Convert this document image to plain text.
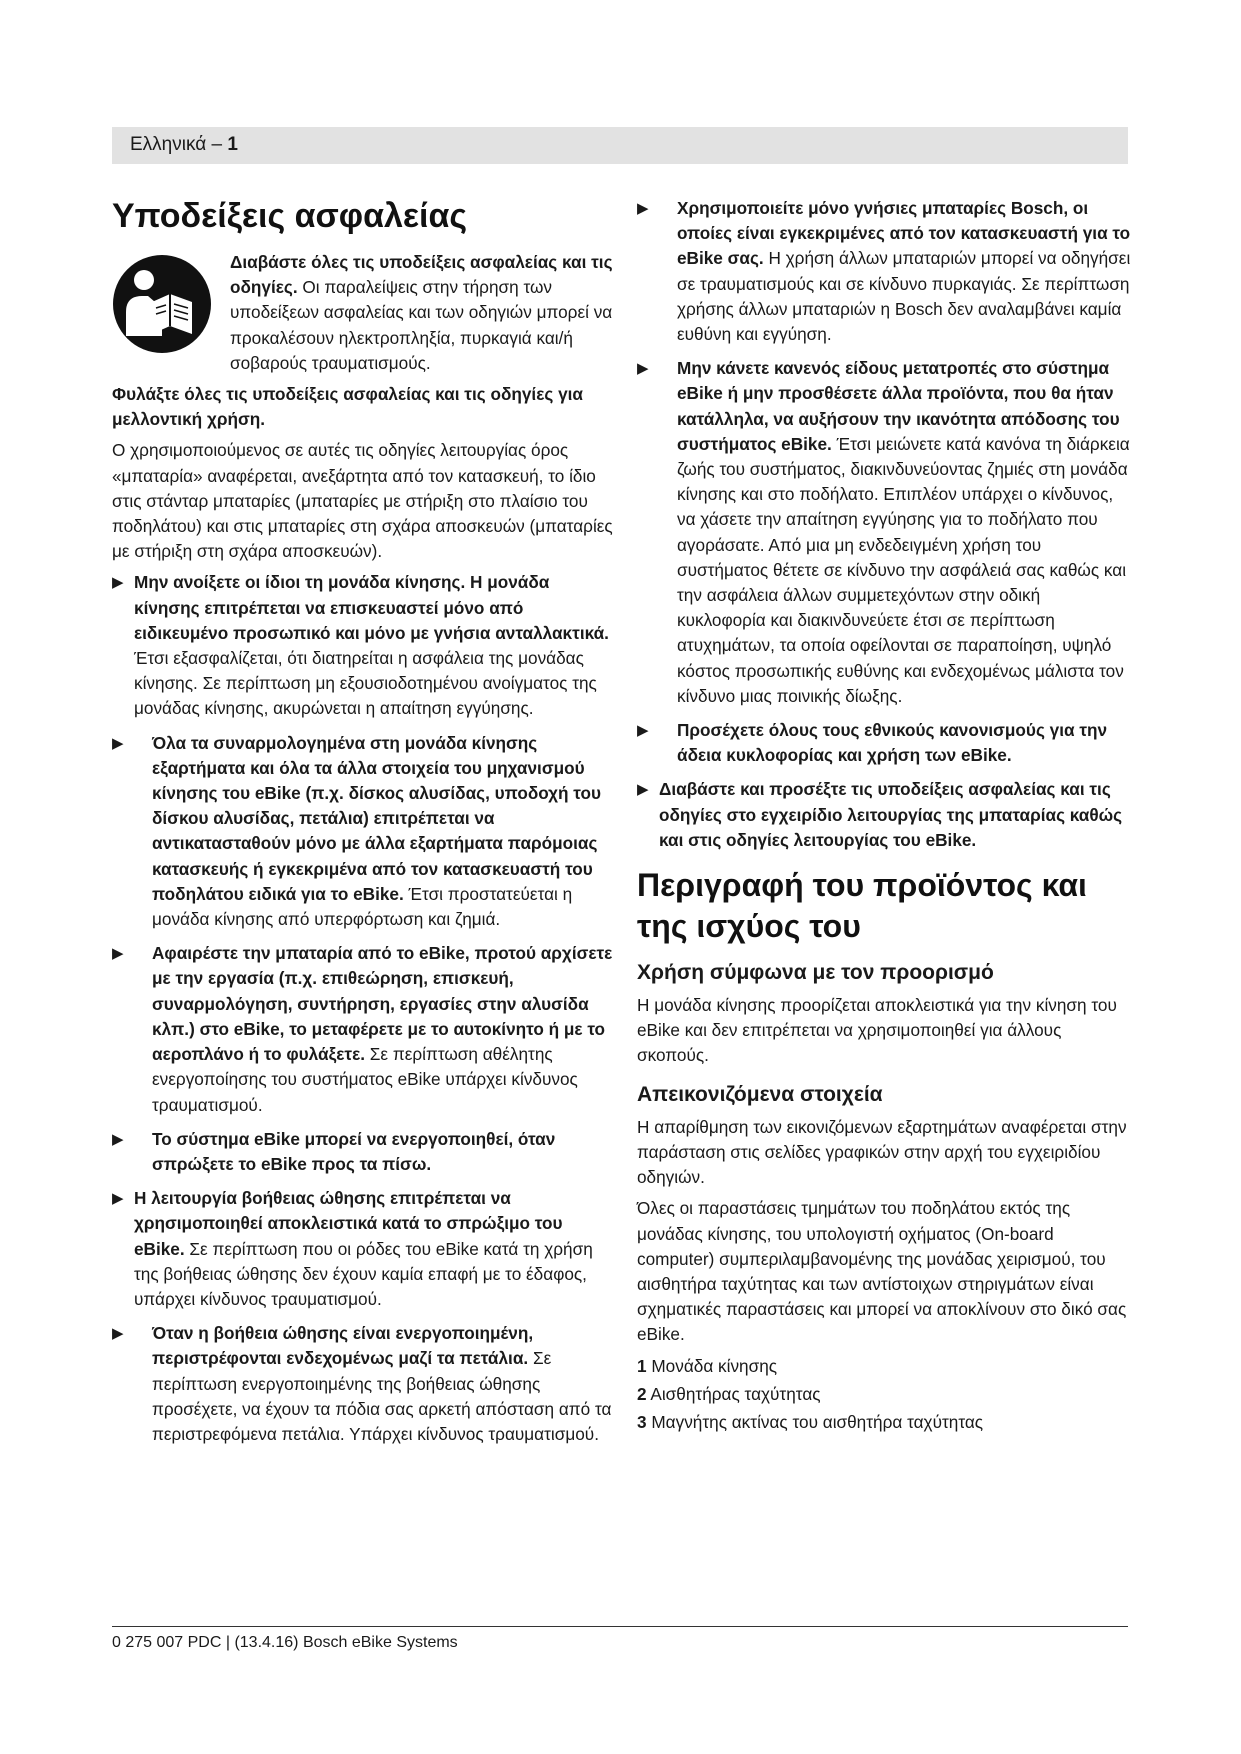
Ελληνικά – 1
Υποδείξεις ασφαλείας

Διαβάστε όλες τις υποδείξεις ασφαλείας και τις οδηγίες. Οι παραλείψεις στην τήρηση των υποδείξεων ασφαλείας και των οδηγιών μπορεί να προκαλέσουν ηλεκτροπληξία, πυρκαγιά και/ή σοβαρούς τραυματισμούς.

Φυλάξτε όλες τις υποδείξεις ασφαλείας και τις οδηγίες για μελλοντική χρήση.

Ο χρησιμοποιούμενος σε αυτές τις οδηγίες λειτουργίας όρος «μπαταρία» αναφέρεται, ανεξάρτητα από τον κατασκευή, το ίδιο στις στάνταρ μπαταρίες (μπαταρίες με στήριξη στο πλαίσιο του ποδηλάτου) και στις μπαταρίες στη σχάρα αποσκευών (μπαταρίες με στήριξη στη σχάρα αποσκευών).

▶ Μην ανοίξετε οι ίδιοι τη μονάδα κίνησης. Η μονάδα κίνησης επιτρέπεται να επισκευαστεί μόνο από ειδικευμένο προσωπικό και μόνο με γνήσια ανταλλακτικά. Έτσι εξασφαλίζεται, ότι διατηρείται η ασφάλεια της μονάδας κίνησης. Σε περίπτωση μη εξουσιοδοτημένου ανοίγματος της μονάδας κίνησης, ακυρώνεται η απαίτηση εγγύησης.
▶ Όλα τα συναρμολογημένα στη μονάδα κίνησης εξαρτήματα και όλα τα άλλα στοιχεία του μηχανισμού κίνησης του eBike (π.χ. δίσκος αλυσίδας, υποδοχή του δίσκου αλυσίδας, πετάλια) επιτρέπεται να αντικατασταθούν μόνο με άλλα εξαρτήματα παρόμοιας κατασκευής ή εγκεκριμένα από τον κατασκευαστή του ποδηλάτου ειδικά για το eBike. Έτσι προστατεύεται η μονάδα κίνησης από υπερφόρτωση και ζημιά.
▶ Αφαιρέστε την μπαταρία από το eBike, προτού αρχίσετε με την εργασία (π.χ. επιθεώρηση, επισκευή, συναρμολόγηση, συντήρηση, εργασίες στην αλυσίδα κλπ.) στο eBike, το μεταφέρετε με το αυτοκίνητο ή με το αεροπλάνο ή το φυλάξετε. Σε περίπτωση αθέλητης ενεργοποίησης του συστήματος eBike υπάρχει κίνδυνος τραυματισμού.
▶ Το σύστημα eBike μπορεί να ενεργοποιηθεί, όταν σπρώξετε το eBike προς τα πίσω.
▶ Η λειτουργία βοήθειας ώθησης επιτρέπεται να χρησιμοποιηθεί αποκλειστικά κατά το σπρώξιμο του eBike. Σε περίπτωση που οι ρόδες του eBike κατά τη χρήση της βοήθειας ώθησης δεν έχουν καμία επαφή με το έδαφος, υπάρχει κίνδυνος τραυματισμού.
▶ Όταν η βοήθεια ώθησης είναι ενεργοποιημένη, περιστρέφονται ενδεχομένως μαζί τα πετάλια. Σε περίπτωση ενεργοποιημένης της βοήθειας ώθησης προσέχετε, να έχουν τα πόδια σας αρκετή απόσταση από τα περιστρεφόμενα πετάλια. Υπάρχει κίνδυνος τραυματισμού.
▶ Χρησιμοποιείτε μόνο γνήσιες μπαταρίες Bosch, οι οποίες είναι εγκεκριμένες από τον κατασκευαστή για το eBike σας. Η χρήση άλλων μπαταριών μπορεί να οδηγήσει σε τραυματισμούς και σε κίνδυνο πυρκαγιάς. Σε περίπτωση χρήσης άλλων μπαταριών η Bosch δεν αναλαμβάνει καμία ευθύνη και εγγύηση.
▶ Μην κάνετε κανενός είδους μετατροπές στο σύστημα eBike ή μην προσθέσετε άλλα προϊόντα, που θα ήταν κατάλληλα, να αυξήσουν την ικανότητα απόδοσης του συστήματος eBike. Έτσι μειώνετε κατά κανόνα τη διάρκεια ζωής του συστήματος, διακινδυνεύοντας ζημιές στη μονάδα κίνησης και στο ποδήλατο. Επιπλέον υπάρχει ο κίνδυνος, να χάσετε την απαίτηση εγγύησης για το ποδήλατο που αγοράσατε. Από μια μη ενδεδειγμένη χρήση του συστήματος θέτετε σε κίνδυνο την ασφάλειά σας καθώς και την ασφάλεια άλλων συμμετεχόντων στην οδική κυκλοφορία και διακινδυνεύετε έτσι σε περίπτωση ατυχημάτων, τα οποία οφείλονται σε παραποίηση, υψηλό κόστος προσωπικής ευθύνης και ενδεχομένως μάλιστα τον κίνδυνο μιας ποινικής δίωξης.
▶ Προσέχετε όλους τους εθνικούς κανονισμούς για την άδεια κυκλοφορίας και χρήση των eBike.
▶ Διαβάστε και προσέξτε τις υποδείξεις ασφαλείας και τις οδηγίες στο εγχειρίδιο λειτουργίας της μπαταρίας καθώς και στις οδηγίες λειτουργίας του eBike.
Περιγραφή του προϊόντος και της ισχύος του
Χρήση σύμφωνα με τον προορισμό

Η μονάδα κίνησης προορίζεται αποκλειστικά για την κίνηση του eBike και δεν επιτρέπεται να χρησιμοποιηθεί για άλλους σκοπούς.

Απεικονιζόμενα στοιχεία

Η απαρίθμηση των εικονιζόμενων εξαρτημάτων αναφέρεται στην παράσταση στις σελίδες γραφικών στην αρχή του εγχειριδίου οδηγιών.

Όλες οι παραστάσεις τμημάτων του ποδηλάτου εκτός της μονάδας κίνησης, του υπολογιστή οχήματος (On-board computer) συμπεριλαμβανομένης της μονάδας χειρισμού, του αισθητήρα ταχύτητας και των αντίστοιχων στηριγμάτων είναι σχηματικές παραστάσεις και μπορεί να αποκλίνουν στο δικό σας eBike.

1 Μονάδα κίνησης
2 Αισθητήρας ταχύτητας
3 Μαγνήτης ακτίνας του αισθητήρα ταχύτητας
0 275 007 PDC | (13.4.16) Bosch eBike Systems
